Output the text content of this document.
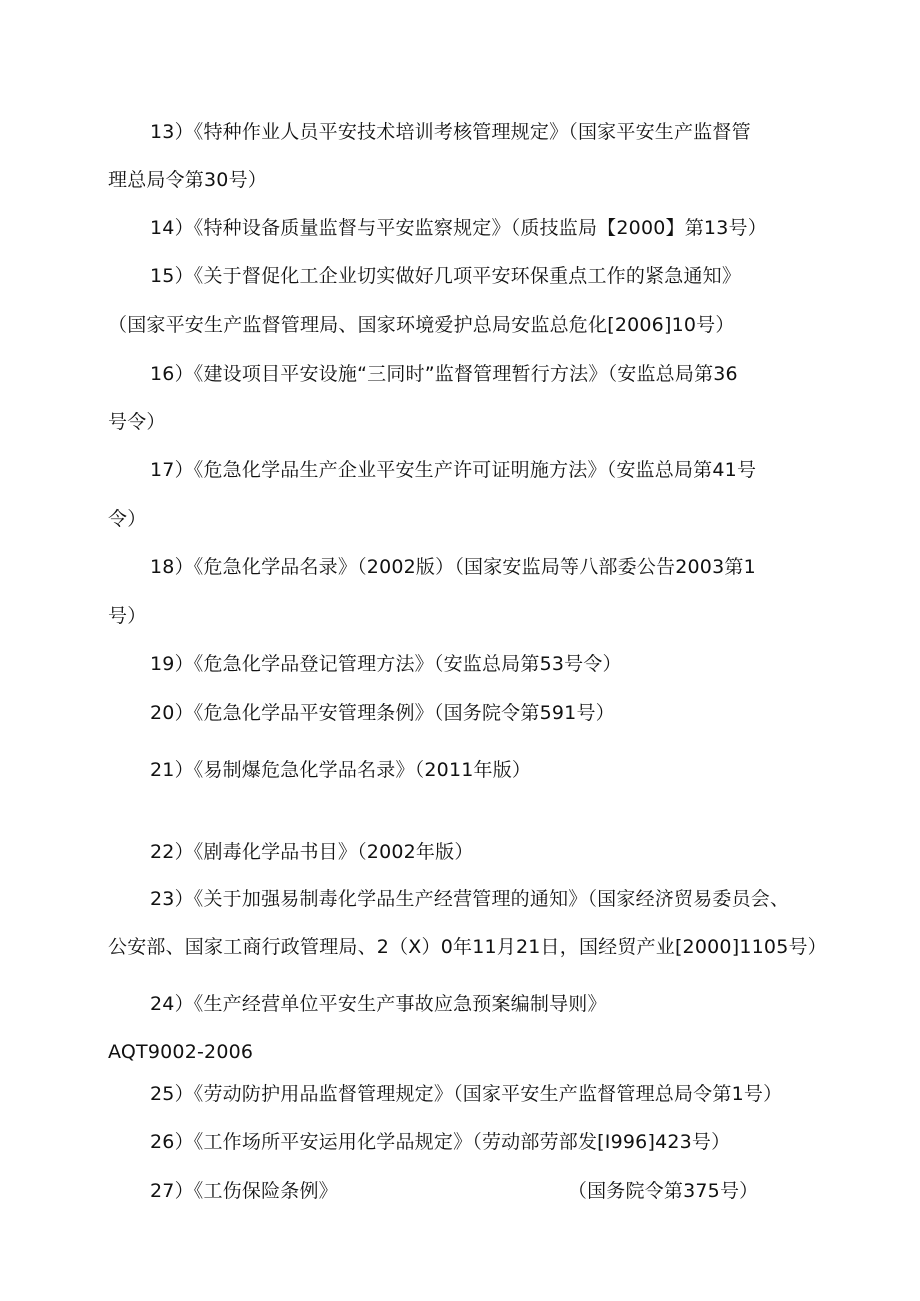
13）《特种作业人员平安技术培训考核管理规定》（国家平安生产监督管
理总局令第30号）
14）《特种设备质量监督与平安监察规定》（质技监局【2000】第13号）
15）《关于督促化工企业切实做好几项平安环保重点工作的紧急通知》
（国家平安生产监督管理局、国家环境爱护总局安监总危化[2006]10号）
16）《建设项目平安设施“三同时”监督管理暂行方法》（安监总局第36
号令）
17）《危急化学品生产企业平安生产许可证明施方法》（安监总局第41号
令）
18）《危急化学品名录》（2002版）（国家安监局等八部委公告2003第1
号）
19）《危急化学品登记管理方法》（安监总局第53号令）
20）《危急化学品平安管理条例》（国务院令第591号）
21）《易制爆危急化学品名录》（2011年版）
22）《剧毒化学品书目》（2002年版）
23）《关于加强易制毒化学品生产经营管理的通知》（国家经济贸易委员会、
公安部、国家工商行政管理局、2（X）0年11月21日，国经贸产业[2000]1105号）
24）《生产经营单位平安生产事故应急预案编制导则》
AQT9002-2006
25）《劳动防护用品监督管理规定》（国家平安生产监督管理总局令第1号）
26）《工作场所平安运用化学品规定》（劳动部劳部发[I996]423号）
27）《工伤保险条例》	（国务院令第375号）
